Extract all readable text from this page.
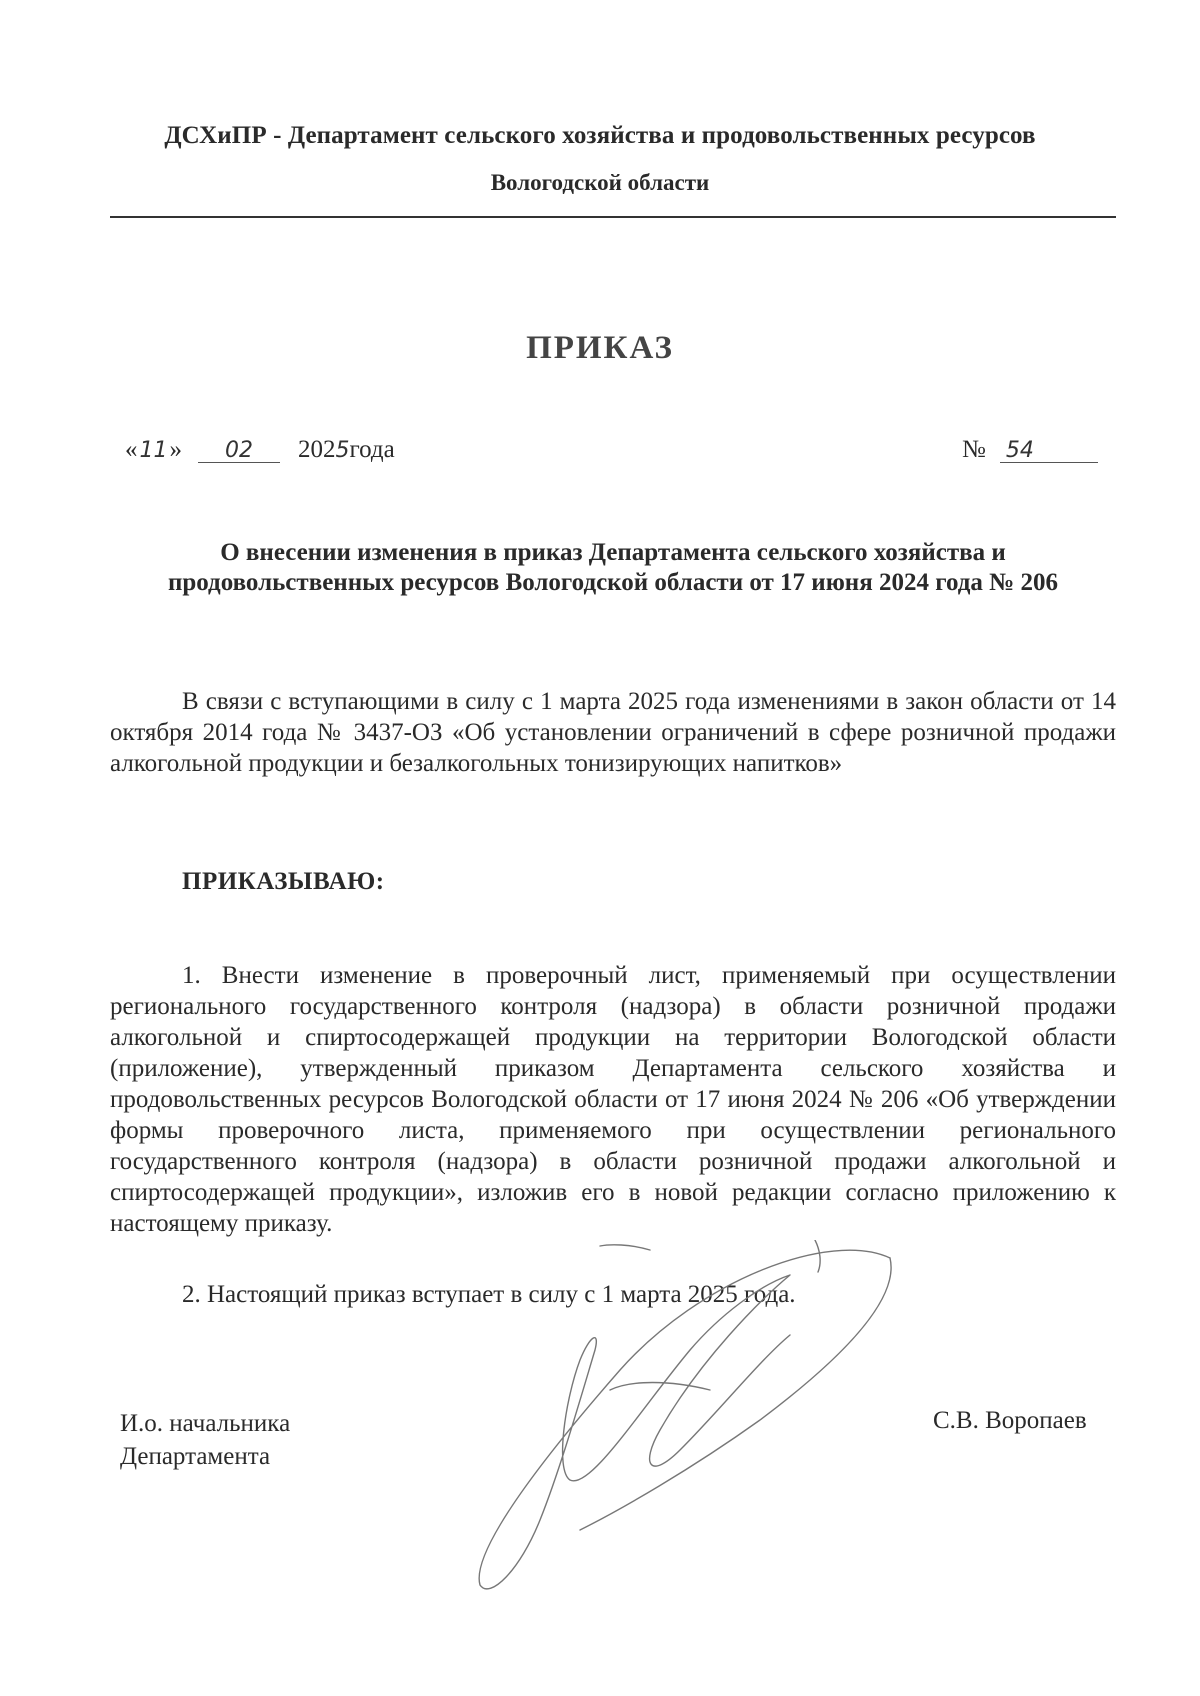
ДСХиПР - Департамент сельского хозяйства и продовольственных ресурсов
Вологодской области
ПРИКАЗ
«11» 02 2025года	№ 54
О внесении изменения в приказ Департамента сельского хозяйства и продовольственных ресурсов Вологодской области от 17 июня 2024 года № 206
В связи с вступающими в силу с 1 марта 2025 года изменениями в закон области от 14 октября 2014 года № 3437-ОЗ «Об установлении ограничений в сфере розничной продажи алкогольной продукции и безалкогольных тонизирующих напитков»
ПРИКАЗЫВАЮ:
1. Внести изменение в проверочный лист, применяемый при осуществлении регионального государственного контроля (надзора) в области розничной продажи алкогольной и спиртосодержащей продукции на территории Вологодской области (приложение), утвержденный приказом Департамента сельского хозяйства и продовольственных ресурсов Вологодской области от 17 июня 2024 № 206 «Об утверждении формы проверочного листа, применяемого при осуществлении регионального государственного контроля (надзора) в области розничной продажи алкогольной и спиртосодержащей продукции», изложив его в новой редакции согласно приложению к настоящему приказу.
2. Настоящий приказ вступает в силу с 1 марта 2025 года.
И.о. начальника
Департамента
С.В. Воропаев
